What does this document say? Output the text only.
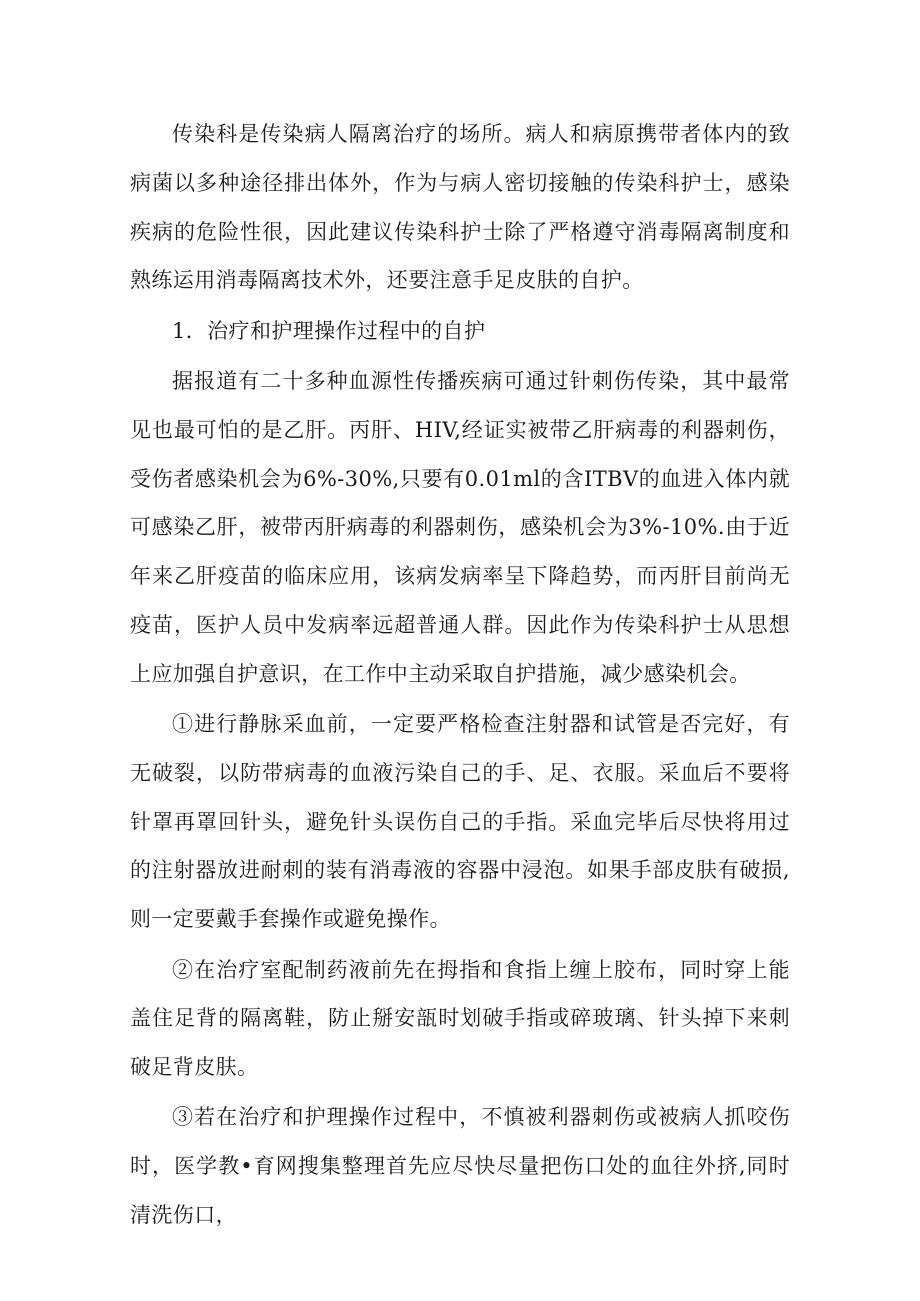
传染科是传染病人隔离治疗的场所。病人和病原携带者体内的致病菌以多种途径排出体外，作为与病人密切接触的传染科护士，感染疾病的危险性很，因此建议传染科护士除了严格遵守消毒隔离制度和熟练运用消毒隔离技术外，还要注意手足皮肤的自护。

1．治疗和护理操作过程中的自护

据报道有二十多种血源性传播疾病可通过针刺伤传染，其中最常见也最可怕的是乙肝。丙肝、HIV,经证实被带乙肝病毒的利器刺伤，受伤者感染机会为6%-30%,只要有0.01ml的含ITBV的血进入体内就可感染乙肝，被带丙肝病毒的利器刺伤，感染机会为3%-10%.由于近年来乙肝疫苗的临床应用，该病发病率呈下降趋势，而丙肝目前尚无疫苗，医护人员中发病率远超普通人群。因此作为传染科护士从思想上应加强自护意识，在工作中主动采取自护措施，减少感染机会。

①进行静脉采血前，一定要严格检查注射器和试管是否完好，有无破裂，以防带病毒的血液污染自己的手、足、衣服。采血后不要将针罩再罩回针头，避免针头误伤自己的手指。采血完毕后尽快将用过的注射器放进耐刺的装有消毒液的容器中浸泡。如果手部皮肤有破损,则一定要戴手套操作或避免操作。

②在治疗室配制药液前先在拇指和食指上缠上胶布，同时穿上能盖住足背的隔离鞋，防止掰安瓿时划破手指或碎玻璃、针头掉下来刺破足背皮肤。

③若在治疗和护理操作过程中，不慎被利器刺伤或被病人抓咬伤时，医学教•育网搜集整理首先应尽快尽量把伤口处的血往外挤,同时清洗伤口，
